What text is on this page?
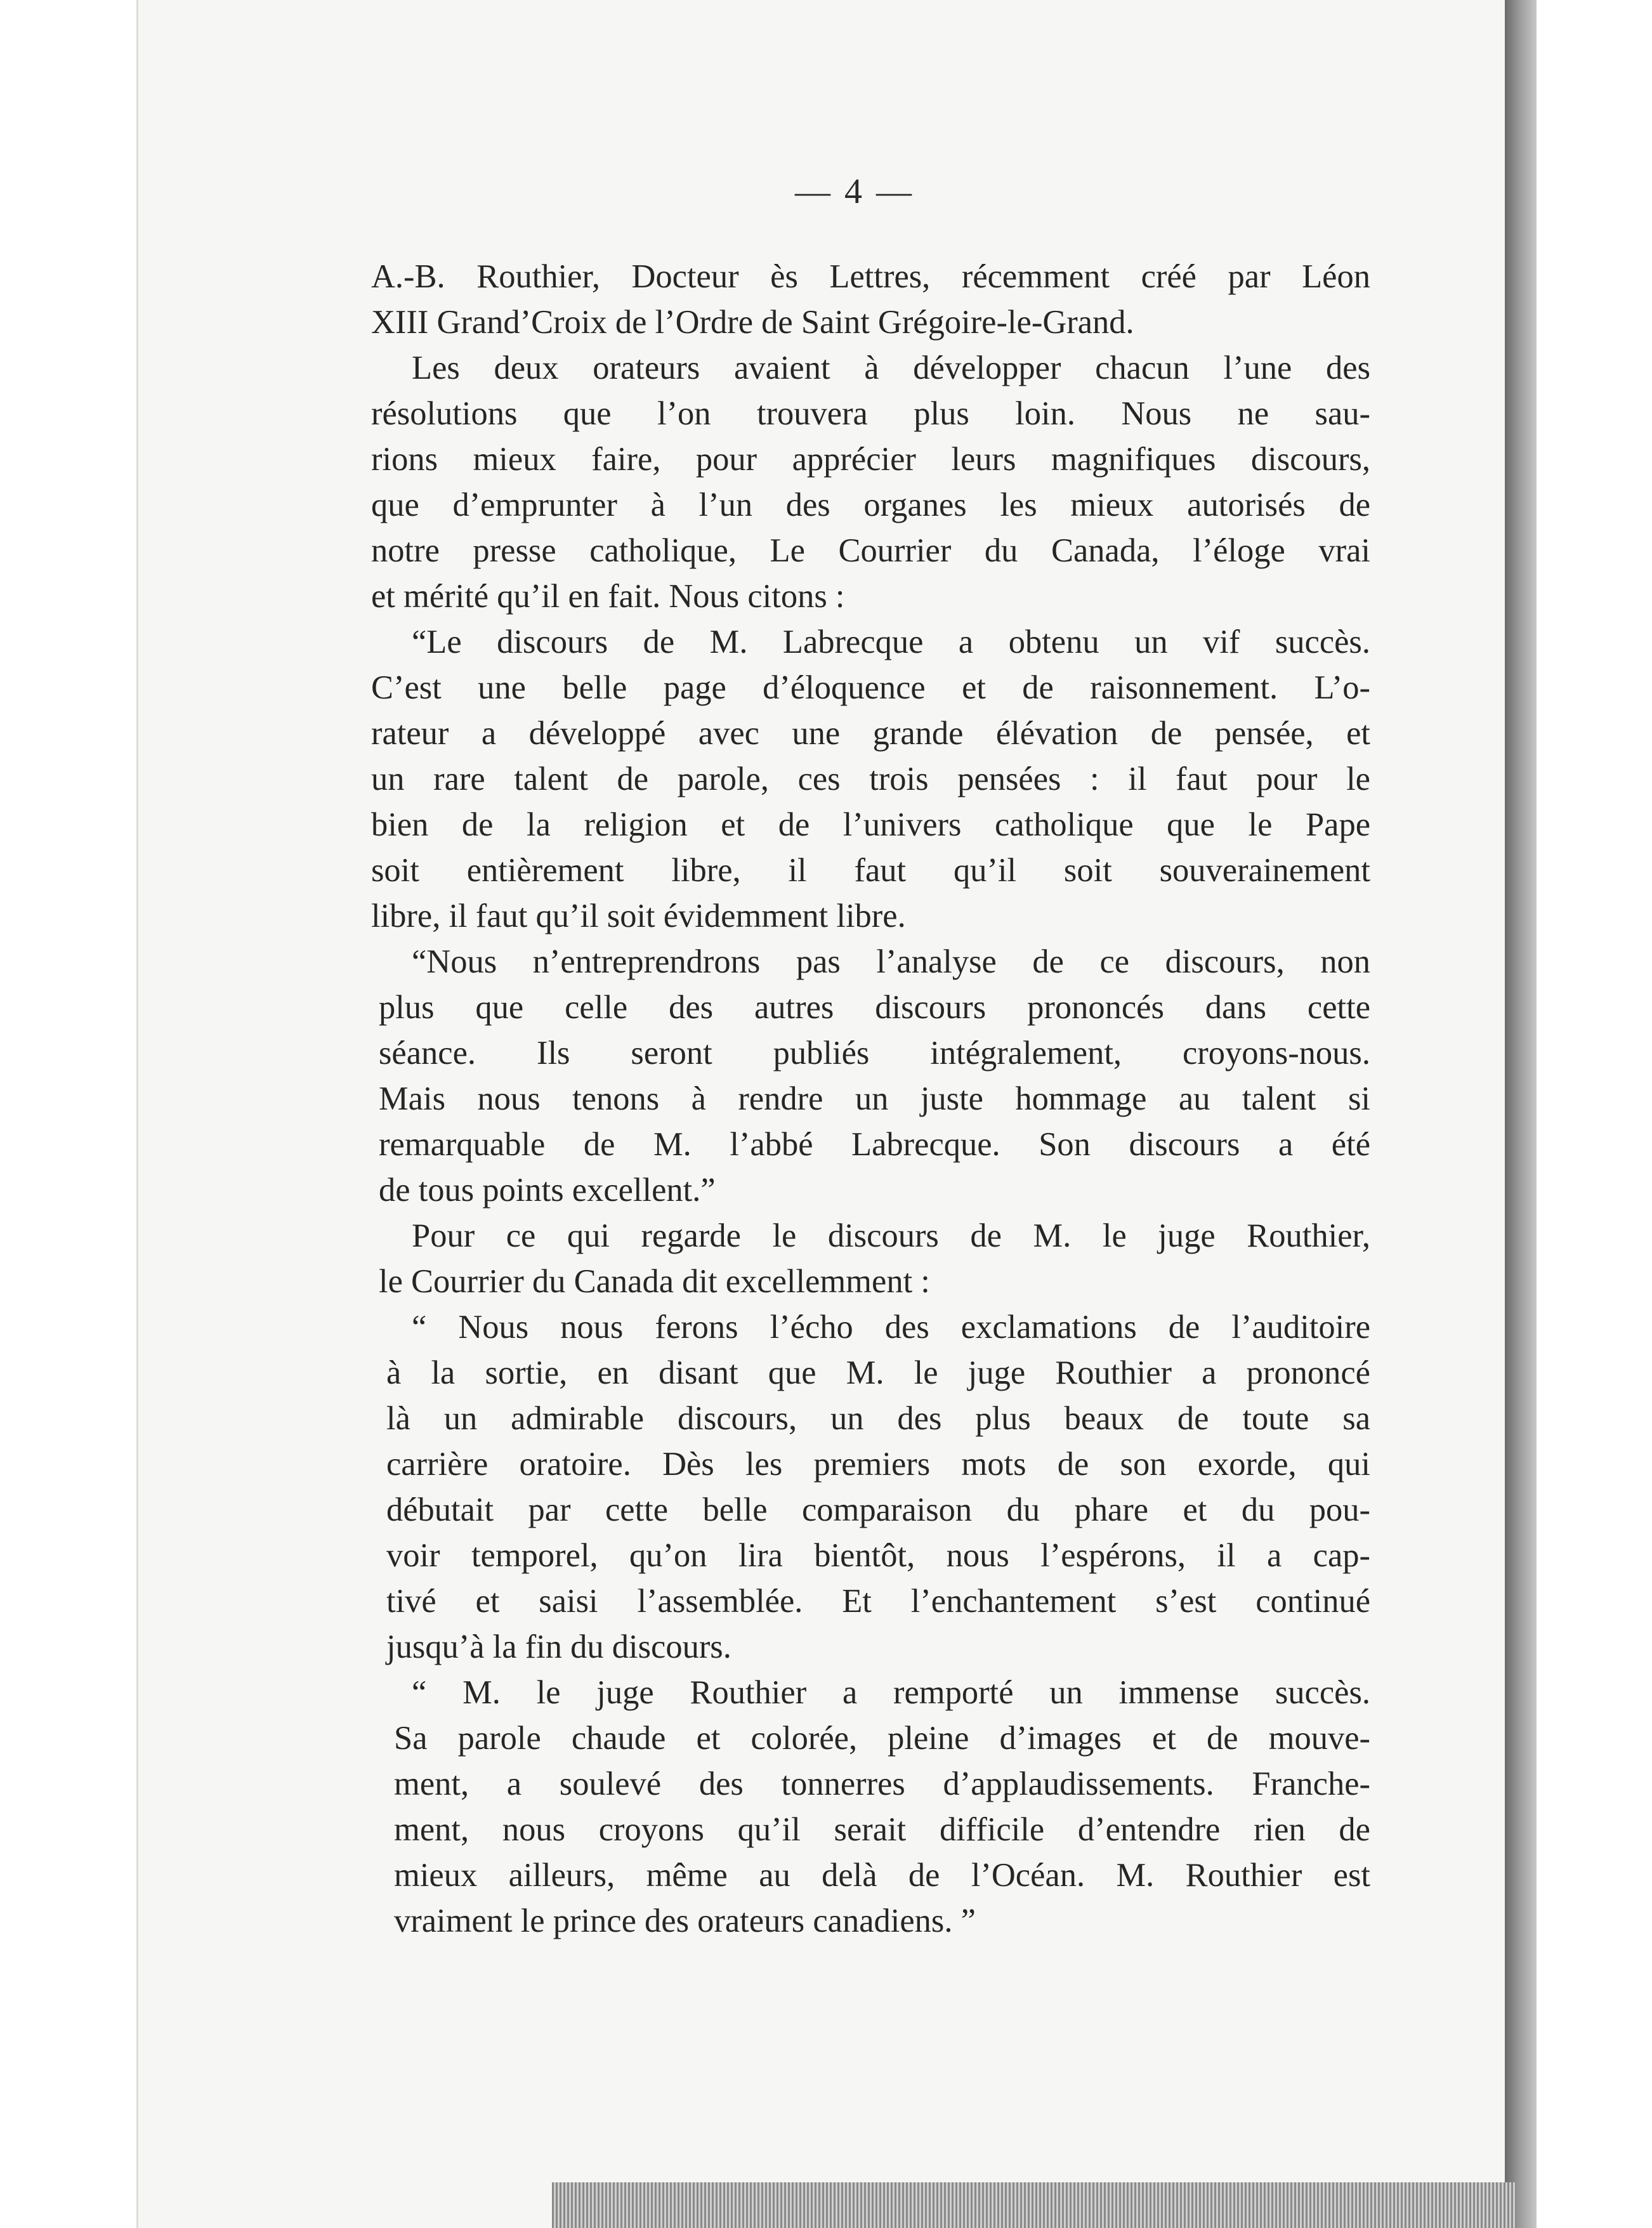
— 4 —
A.-B. Routhier, Docteur ès Lettres, récemment créé par Léon
XIII Grand’Croix de l’Ordre de Saint Grégoire-le-Grand.
Les deux orateurs avaient à développer chacun l’une des
résolutions que l’on trouvera plus loin. Nous ne sau-
rions mieux faire, pour apprécier leurs magnifiques discours,
que d’emprunter à l’un des organes les mieux autorisés de
notre presse catholique, Le Courrier du Canada, l’éloge vrai
et mérité qu’il en fait. Nous citons :
“Le discours de M. Labrecque a obtenu un vif succès.
C’est une belle page d’éloquence et de raisonnement. L’o-
rateur a développé avec une grande élévation de pensée, et
un rare talent de parole, ces trois pensées : il faut pour le
bien de la religion et de l’univers catholique que le Pape
soit entièrement libre, il faut qu’il soit souverainement
libre, il faut qu’il soit évidemment libre.
“Nous n’entreprendrons pas l’analyse de ce discours, non
plus que celle des autres discours prononcés dans cette
séance. Ils seront publiés intégralement, croyons-nous.
Mais nous tenons à rendre un juste hommage au talent si
remarquable de M. l’abbé Labrecque. Son discours a été
de tous points excellent.”
Pour ce qui regarde le discours de M. le juge Routhier,
le Courrier du Canada dit excellemment :
“ Nous nous ferons l’écho des exclamations de l’auditoire
à la sortie, en disant que M. le juge Routhier a prononcé
là un admirable discours, un des plus beaux de toute sa
carrière oratoire. Dès les premiers mots de son exorde, qui
débutait par cette belle comparaison du phare et du pou-
voir temporel, qu’on lira bientôt, nous l’espérons, il a cap-
tivé et saisi l’assemblée. Et l’enchantement s’est continué
jusqu’à la fin du discours.
“ M. le juge Routhier a remporté un immense succès.
Sa parole chaude et colorée, pleine d’images et de mouve-
ment, a soulevé des tonnerres d’applaudissements. Franche-
ment, nous croyons qu’il serait difficile d’entendre rien de
mieux ailleurs, même au delà de l’Océan. M. Routhier est
vraiment le prince des orateurs canadiens. ”
